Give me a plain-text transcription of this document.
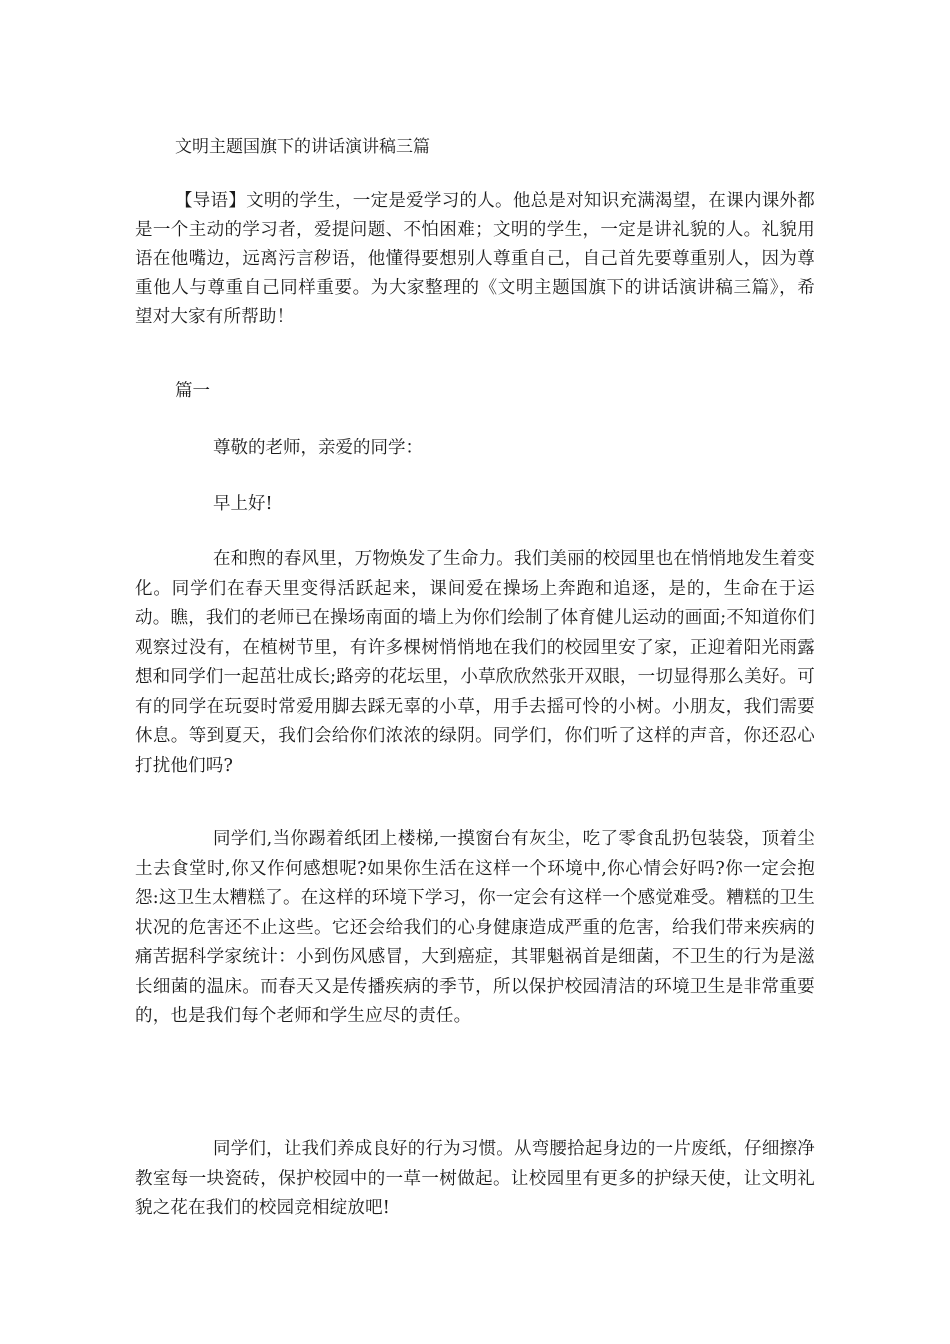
文明主题国旗下的讲话演讲稿三篇
【导语】文明的学生，一定是爱学习的人。他总是对知识充满渴望，在课内课外都是一个主动的学习者，爱提问题、不怕困难；文明的学生，一定是讲礼貌的人。礼貌用语在他嘴边，远离污言秽语，他懂得要想别人尊重自己，自己首先要尊重别人，因为尊重他人与尊重自己同样重要。为大家整理的《文明主题国旗下的讲话演讲稿三篇》，希望对大家有所帮助！
篇一
尊敬的老师，亲爱的同学：
早上好!
在和煦的春风里，万物焕发了生命力。我们美丽的校园里也在悄悄地发生着变化。同学们在春天里变得活跃起来，课间爱在操场上奔跑和追逐，是的，生命在于运动。瞧，我们的老师已在操场南面的墙上为你们绘制了体育健儿运动的画面;不知道你们观察过没有，在植树节里，有许多棵树悄悄地在我们的校园里安了家，正迎着阳光雨露想和同学们一起茁壮成长;路旁的花坛里，小草欣欣然张开双眼，一切显得那么美好。可有的同学在玩耍时常爱用脚去踩无辜的小草，用手去摇可怜的小树。小朋友，我们需要休息。等到夏天，我们会给你们浓浓的绿阴。同学们，你们听了这样的声音，你还忍心打扰他们吗?
同学们,当你踢着纸团上楼梯,一摸窗台有灰尘，吃了零食乱扔包装袋，顶着尘土去食堂时,你又作何感想呢?如果你生活在这样一个环境中,你心情会好吗?你一定会抱怨:这卫生太糟糕了。在这样的环境下学习，你一定会有这样一个感觉难受。糟糕的卫生状况的危害还不止这些。它还会给我们的心身健康造成严重的危害，给我们带来疾病的痛苦据科学家统计：小到伤风感冒，大到癌症，其罪魁祸首是细菌，不卫生的行为是滋长细菌的温床。而春天又是传播疾病的季节，所以保护校园清洁的环境卫生是非常重要的，也是我们每个老师和学生应尽的责任。
同学们，让我们养成良好的行为习惯。从弯腰拾起身边的一片废纸，仔细擦净教室每一块瓷砖，保护校园中的一草一树做起。让校园里有更多的护绿天使，让文明礼貌之花在我们的校园竞相绽放吧!
